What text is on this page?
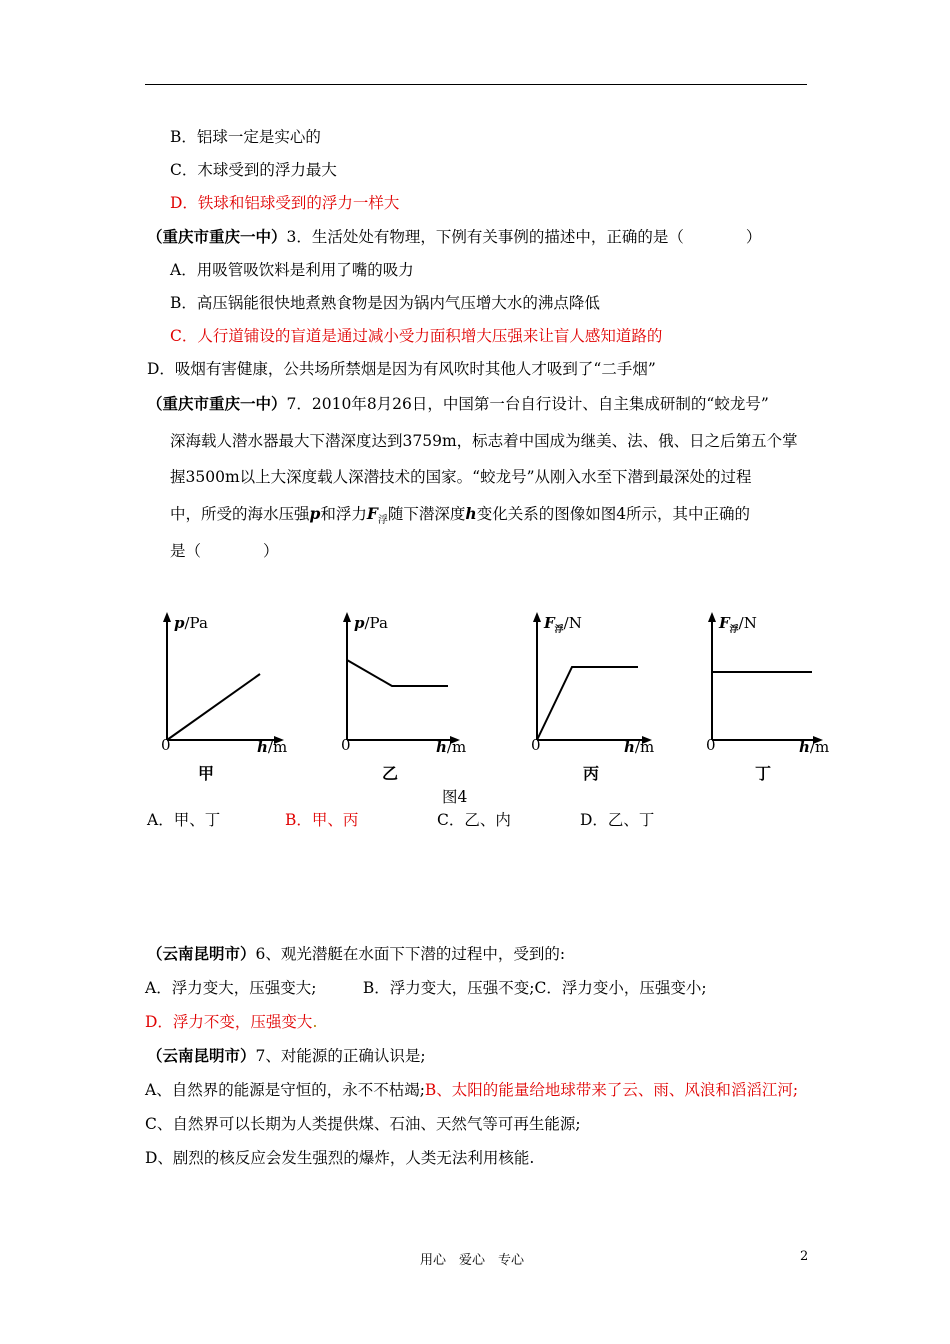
B．铝球一定是实心的
C．木球受到的浮力最大
D．铁球和铝球受到的浮力一样大
（重庆市重庆一中）3．生活处处有物理，下例有关事例的描述中，正确的是（　　　　）
A．用吸管吸饮料是利用了嘴的吸力
B．高压锅能很快地煮熟食物是因为锅内气压增大水的沸点降低
C．人行道铺设的盲道是通过减小受力面积增大压强来让盲人感知道路的
D．吸烟有害健康，公共场所禁烟是因为有风吹时其他人才吸到了“二手烟”
（重庆市重庆一中）7．2010年8月26日，中国第一台自行设计、自主集成研制的“蛟龙号”
深海载人潜水器最大下潜深度达到3759m，标志着中国成为继美、法、俄、日之后第五个掌
握3500m以上大深度载人深潜技术的国家。“蛟龙号”从刚入水至下潜到最深处的过程
中，所受的海水压强p和浮力$F_浮$随下潜深度h变化关系的图像如图4所示，其中正确的
是（　　　　）
p/Pa
0	h/m
甲
p/Pa
0	h/m
乙
$F_浮/N$
0	h/m
丙
$F_浮/N$
0	h/m
丁
图4
A．甲、丁	B．甲、丙	C．乙、内	D．乙、丁
（云南昆明市）6、观光潜艇在水面下下潜的过程中，受到的:
A．浮力变大，压强变大;　　　B．浮力变大，压强不变;C．浮力变小，压强变小;
D．浮力不变，压强变大.
（云南昆明市）7、对能源的正确认识是;
A、自然界的能源是守恒的，永不不枯竭;B、太阳的能量给地球带来了云、雨、风浪和滔滔江河;
C、自然界可以长期为人类提供煤、石油、天然气等可再生能源;
D、剧烈的核反应会发生强烈的爆炸，人类无法利用核能.
用心　爱心　专心	2
